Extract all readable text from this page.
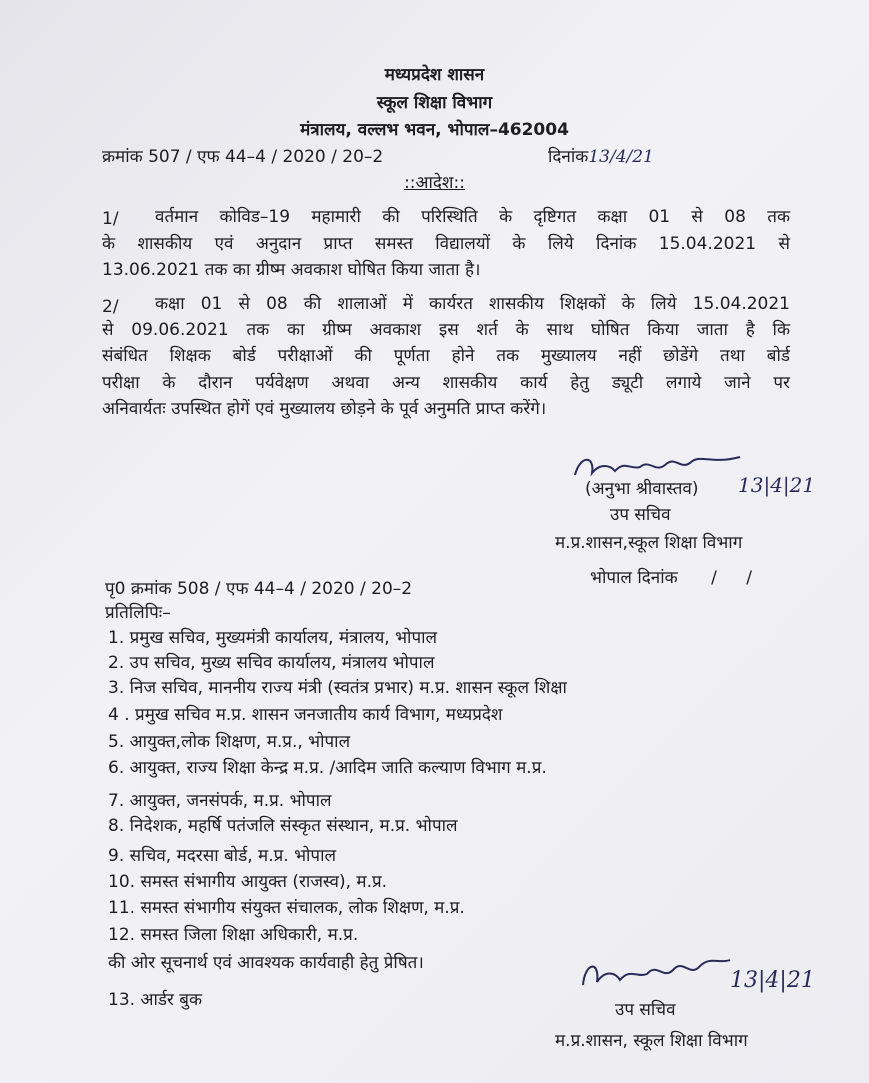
मध्यप्रदेश शासन
स्कूल शिक्षा विभाग
मंत्रालय, वल्लभ भवन, भोपाल–462004
क्रमांक 507 / एफ 44–4 / 2020 / 20–2	दिनांक13/4/21
::आदेश::
1/ वर्तमान कोविड–19 महामारी की परिस्थिति के दृष्टिगत कक्षा 01 से 08 तक
के शासकीय एवं अनुदान प्राप्त समस्त विद्यालयों के लिये दिनांक 15.04.2021 से
13.06.2021 तक का ग्रीष्म अवकाश घोषित किया जाता है।
2/ कक्षा 01 से 08 की शालाओं में कार्यरत शासकीय शिक्षकों के लिये 15.04.2021
से 09.06.2021 तक का ग्रीष्म अवकाश इस शर्त के साथ घोषित किया जाता है कि
संबंधित शिक्षक बोर्ड परीक्षाओं की पूर्णता होने तक मुख्यालय नहीं छोडेंगे तथा बोर्ड
परीक्षा के दौरान पर्यवेक्षण अथवा अन्य शासकीय कार्य हेतु ड्यूटी लगाये जाने पर
अनिवार्यतः उपस्थित होगें एवं मुख्यालय छोड़ने के पूर्व अनुमति प्राप्त करेंगे।
(अनुभा श्रीवास्तव) 13|4|21
उप सचिव
म.प्र.शासन,स्कूल शिक्षा विभाग
भोपाल दिनांक / /
पृ0 क्रमांक 508 / एफ 44–4 / 2020 / 20–2
प्रतिलिपिः–
1. प्रमुख सचिव, मुख्यमंत्री कार्यालय, मंत्रालय, भोपाल
2. उप सचिव, मुख्य सचिव कार्यालय, मंत्रालय भोपाल
3. निज सचिव, माननीय राज्य मंत्री (स्वतंत्र प्रभार) म.प्र. शासन स्कूल शिक्षा
4 . प्रमुख सचिव म.प्र. शासन जनजातीय कार्य विभाग, मध्यप्रदेश
5. आयुक्त,लोक शिक्षण, म.प्र., भोपाल
6. आयुक्त, राज्य शिक्षा केन्द्र म.प्र. /आदिम जाति कल्याण विभाग म.प्र.
7. आयुक्त, जनसंपर्क, म.प्र. भोपाल
8. निदेशक, महर्षि पतंजलि संस्कृत संस्थान, म.प्र. भोपाल
9. सचिव, मदरसा बोर्ड, म.प्र. भोपाल
10. समस्त संभागीय आयुक्त (राजस्व), म.प्र.
11. समस्त संभागीय संयुक्त संचालक, लोक शिक्षण, म.प्र.
12. समस्त जिला शिक्षा अधिकारी, म.प्र.
की ओर सूचनार्थ एवं आवश्यक कार्यवाही हेतु प्रेषित।
13. आर्डर बुक
13|4|21
उप सचिव
म.प्र.शासन, स्कूल शिक्षा विभाग
